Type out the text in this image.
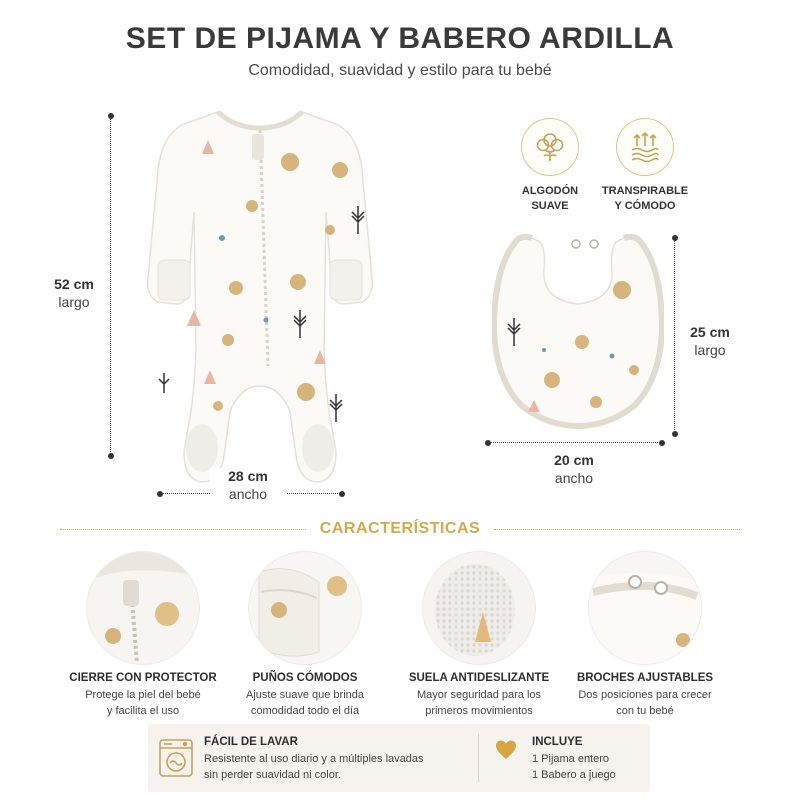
SET DE PIJAMA Y BABERO ARDILLA
Comodidad, suavidad y estilo para tu bebé
52 cm
largo
28 cm
ancho
ALGODÓN
SUAVE
TRANSPIRABLE
Y CÓMODO
25 cm
largo
20 cm
ancho
CARACTERÍSTICAS
CIERRE CON PROTECTOR
Protege la piel del bebé
y facilita el uso
PUÑOS CÓMODOS
Ajuste suave que brinda
comodidad todo el día
SUELA ANTIDESLIZANTE
Mayor seguridad para los
primeros movimientos
BROCHES AJUSTABLES
Dos posiciones para crecer
con tu bebé
FÁCIL DE LAVAR
Resistente al uso diario y a múltiples lavadas
sin perder suavidad ni color.
INCLUYE
1 Pijama entero
1 Babero a juego
